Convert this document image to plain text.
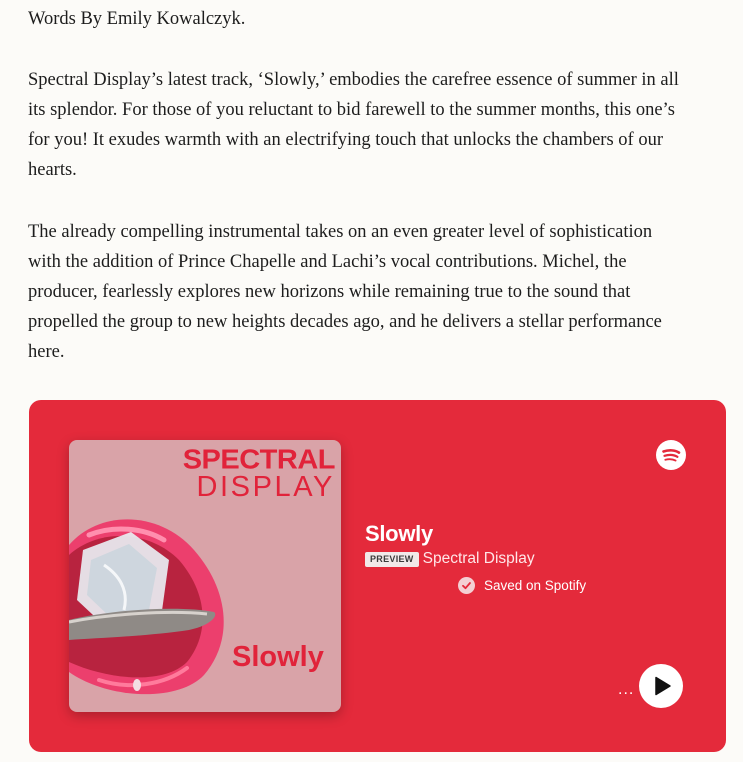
Words By Emily Kowalczyk.
Spectral Display’s latest track, ‘Slowly,’ embodies the carefree essence of summer in all
its splendor. For those of you reluctant to bid farewell to the summer months, this one’s
for you! It exudes warmth with an electrifying touch that unlocks the chambers of our
hearts.
The already compelling instrumental takes on an even greater level of sophistication
with the addition of Prince Chapelle and Lachi’s vocal contributions. Michel, the
producer, fearlessly explores new horizons while remaining true to the sound that
propelled the group to new heights decades ago, and he delivers a stellar performance
here.
SPECTRAL
DISPLAY
Slowly
Slowly
PREVIEW Spectral Display
Saved on Spotify
...
